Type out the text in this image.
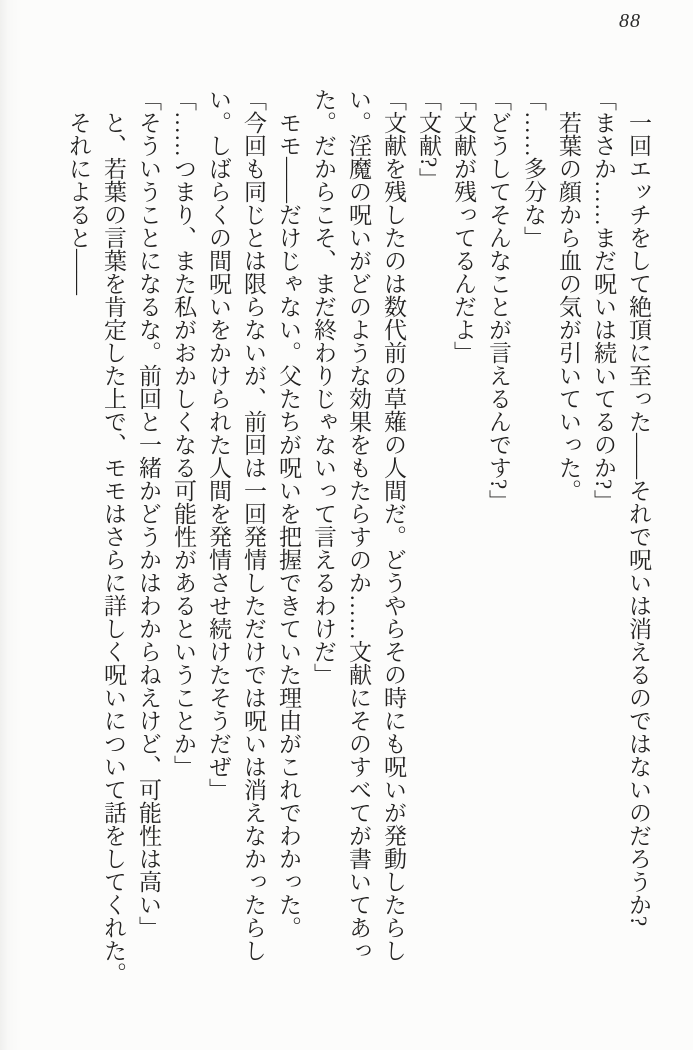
88

一回エッチをして絶頂に至った——それで呪いは消えるのではないのだろうか?

「まさか……まだ呪いは続いてるのか?」

若葉の顔から血の気が引いていった。

「……多分な」

「どうしてそんなことが言えるんです?」

「文献が残ってるんだよ」

「文献?」

「文献を残したのは数代前の草薙の人間だ。どうやらその時にも呪いが発動したらし

い。淫魔の呪いがどのような効果をもたらすのか……文献にそのすべてが書いてあっ

た。だからこそ、まだ終わりじゃないって言えるわけだ」

モモ——だけじゃない。父たちが呪いを把握できていた理由がこれでわかった。

「今回も同じとは限らないが、前回は一回発情しただけでは呪いは消えなかったらし

い。しばらくの間呪いをかけられた人間を発情させ続けたそうだぜ」

「……つまり、また私がおかしくなる可能性があるということか」

「そういうことになるな。前回と一緒かどうかはわからねえけど、可能性は高い」

と、若葉の言葉を肯定した上で、モモはさらに詳しく呪いについて話をしてくれた。

それによると——
